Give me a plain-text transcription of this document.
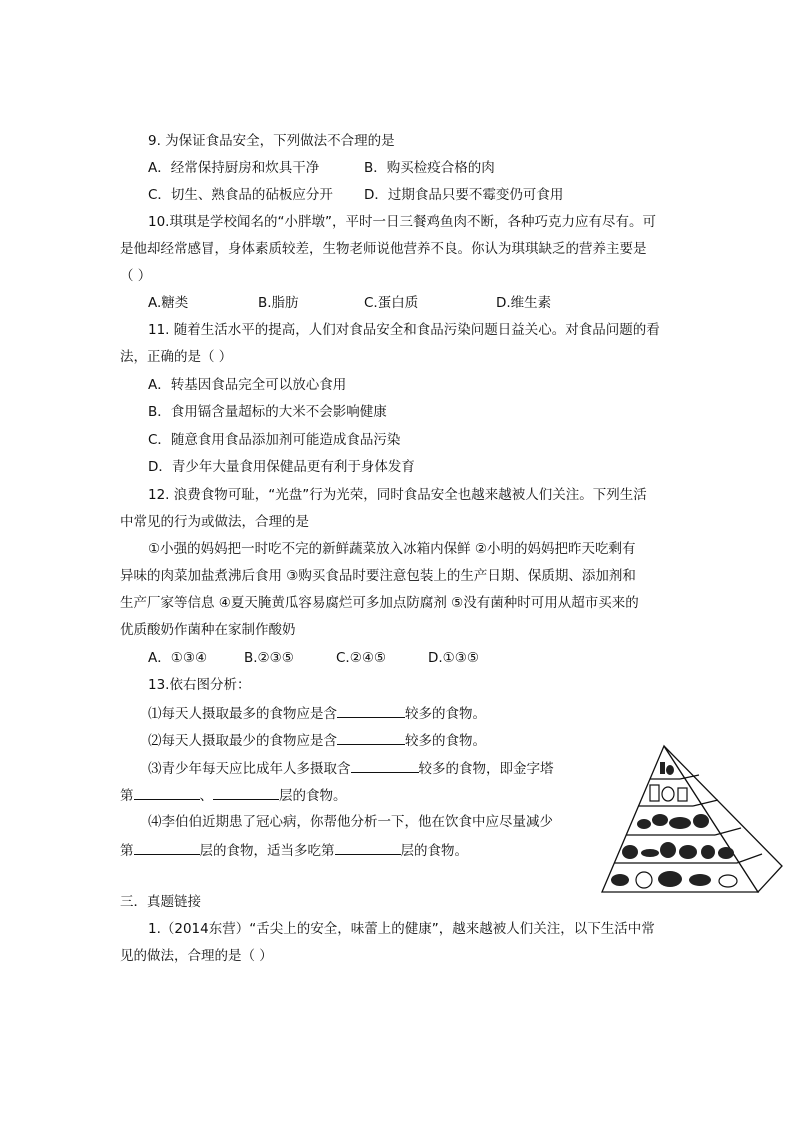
9. 为保证食品安全，下列做法不合理的是
A．经常保持厨房和炊具干净	B．购买检疫合格的肉
C．切生、熟食品的砧板应分开 D．过期食品只要不霉变仍可食用
10.琪琪是学校闻名的“小胖墩”，平时一日三餐鸡鱼肉不断，各种巧克力应有尽有。可
是他却经常感冒，身体素质较差，生物老师说他营养不良。你认为琪琪缺乏的营养主要是
（ ）
A.糖类	B.脂肪	C.蛋白质	D.维生素
11. 随着生活水平的提高，人们对食品安全和食品污染问题日益关心。对食品问题的看
法，正确的是（ ）
A．转基因食品完全可以放心食用
B．食用镉含量超标的大米不会影响健康
C．随意食用食品添加剂可能造成食品污染
D．青少年大量食用保健品更有利于身体发育
12. 浪费食物可耻，“光盘”行为光荣，同时食品安全也越来越被人们关注。下列生活
中常见的行为或做法，合理的是
①小强的妈妈把一时吃不完的新鲜蔬菜放入冰箱内保鲜 ②小明的妈妈把昨天吃剩有
异味的肉菜加盐煮沸后食用 ③购买食品时要注意包装上的生产日期、保质期、添加剂和
生产厂家等信息 ④夏天腌黄瓜容易腐烂可多加点防腐剂 ⑤没有菌种时可用从超市买来的
优质酸奶作菌种在家制作酸奶
A．①③④	B.②③⑤	C.②④⑤	D.①③⑤
13.依右图分析：
⑴每天人摄取最多的食物应是含	较多的食物。
⑵每天人摄取最少的食物应是含	较多的食物。
⑶青少年每天应比成年人多摄取含	较多的食物，即金字塔
第	、	层的食物。
⑷李伯伯近期患了冠心病，你帮他分析一下，他在饮食中应尽量减少
第	层的食物，适当多吃第	层的食物。
三．真题链接
1.（2014东营）“舌尖上的安全，味蕾上的健康”，越来越被人们关注，以下生活中常
见的做法，合理的是（ ）
